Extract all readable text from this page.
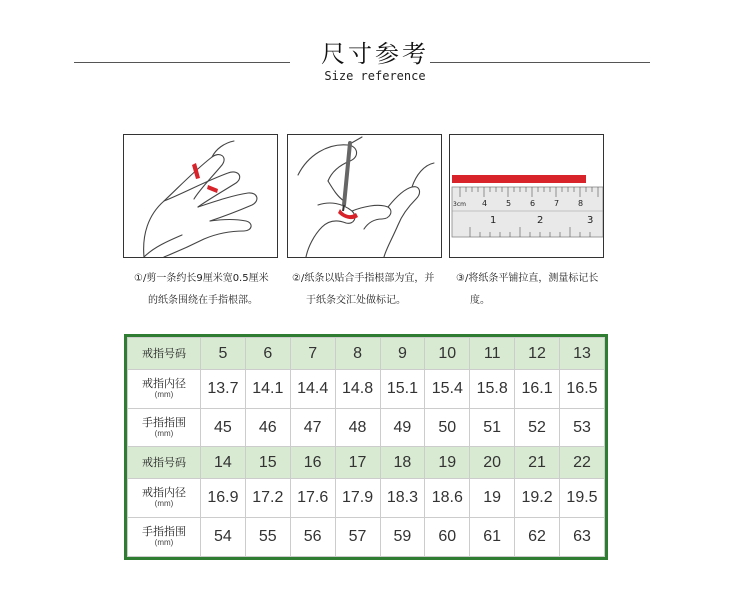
尺寸参考
Size reference
3cm 4 5 6 7 8
1	2	3
①/剪一条约长9厘米宽0.5厘米
的纸条围绕在手指根部。
②/纸条以贴合手指根部为宜，并
于纸条交汇处做标记。
③/将纸条平铺拉直，测量标记长
度。
戒指号码	5	6	7	8	9	10	11	12	13

戒指内径
(mm)	13.7	14.1	14.4	14.8	15.1	15.4	15.8	16.1	16.5

手指指围
(mm)	45	46	47	48	49	50	51	52	53

戒指号码	14	15	16	17	18	19	20	21	22

戒指内径
(mm)	16.9	17.2	17.6	17.9	18.3	18.6	19	19.2	19.5

手指指围
(mm)	54	55	56	57	59	60	61	62	63
